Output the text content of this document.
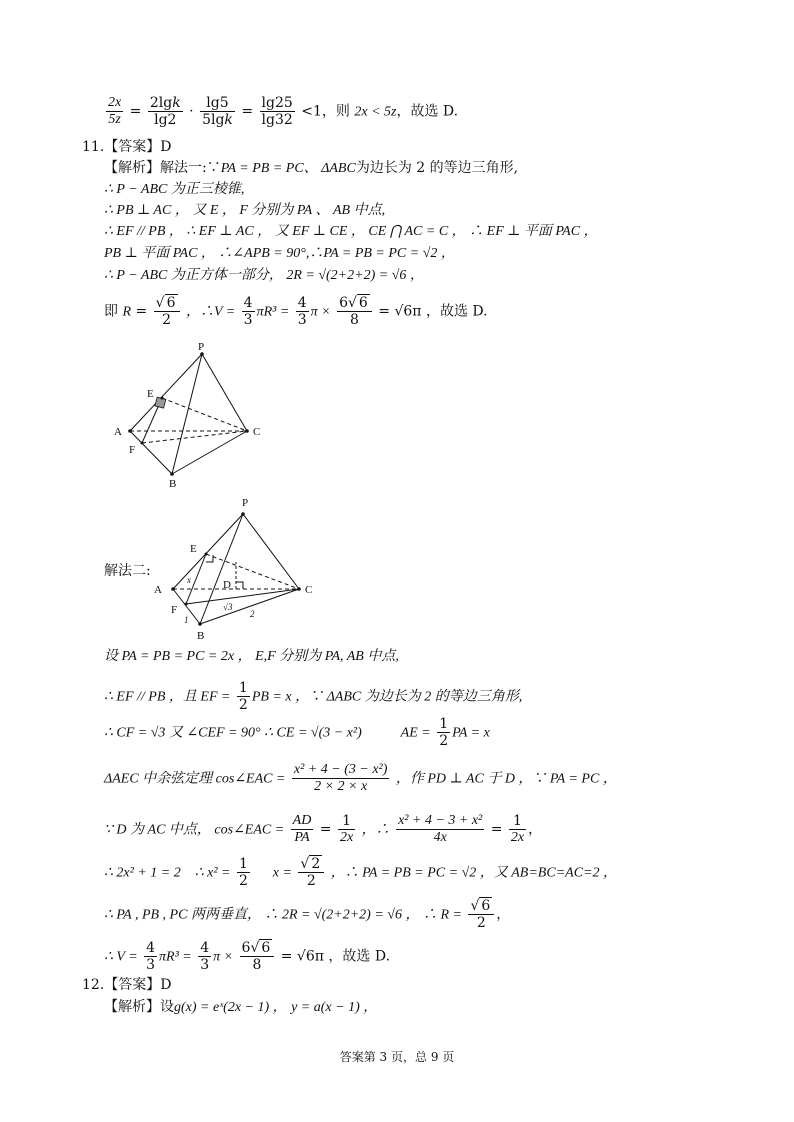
$\frac{2x}{5z} = \frac{2\lg k}{\lg 2} \cdot \frac{\lg 5}{5\lg k} = \frac{\lg 25}{\lg 32} <1$，则 2x < 5z，故选 D.
11.【答案】D
【解析】解法一:∵PA = PB = PC、 ΔABC为边长为 2 的等边三角形,
∴ P − ABC 为正三棱锥,
∴ PB ⊥ AC ， 又 E ， F 分别为 PA 、 AB 中点,
∴ EF // PB ， ∴ EF ⊥ AC ， 又 EF ⊥ CE ， CE ⋂ AC = C ， ∴ EF ⊥ 平面 PAC ，
PB ⊥ 平面 PAC ， ∴∠APB = 90°,∴PA = PB = PC = √2 ，
∴ P − ABC 为正方体一部分， 2R = √(2+2+2) = √6 ，
即 $R = \frac{√ 6}{2}$ ，∴V = $\frac{4}{3} \pi R^3 = \frac{4}{3}$ $\pi \times \frac{6√ 6}{8} = √6\pi$ ，故选 D.
P
E
A
F
B
C
解法二:
P
E
A
F
B
C
D
x
1
2
√3
设 PA = PB = PC = 2x ， E,F 分别为 PA, AB 中点,
∴ EF // PB ，且 EF = $\frac{1}{2}$ PB = x ，∵ ΔABC 为边长为 2 的等边三角形,
∴ CF = √3 又 ∠CEF = 90° ∴ CE = √(3 − x²)	AE = $\frac{1}{2}$ PA = x
ΔAEC 中余弦定理 cos∠EAC = $\frac{\text{x² + 4 − (3 − x²)}}{2 \times 2 \times x}$ ，作 PD ⊥ AC 于 D ，∵ PA = PC ，
∵ D 为 AC 中点， cos∠EAC = $\frac{AD}{PA} = \frac{1}{2x}$ ，∴ $\frac{\text{x² + 4 − 3 + x²}}{4x} = \frac{1}{2x}$ ，
∴ 2x² + 1 = 2　∴ $x^2 = \frac{1}{2}$ $x = \frac{√ 2}{2}$ ，∴ PA = PB = PC = √2 ，又 AB=BC=AC=2 ，
∴ PA , PB , PC 两两垂直， ∴ 2R = √(2+2+2) = √6 ， ∴ $R = \frac{√ 6}{2}$ ，
∴ $V = \frac{4}{3} \pi R^3 = \frac{4}{3}$ $\pi \times \frac{6√ 6}{8} = √6\pi$ ，故选 D.
12.【答案】D
【解析】设g(x) = eˣ(2x − 1) ， y = a(x − 1) ，
答案第 3 页，总 9 页
